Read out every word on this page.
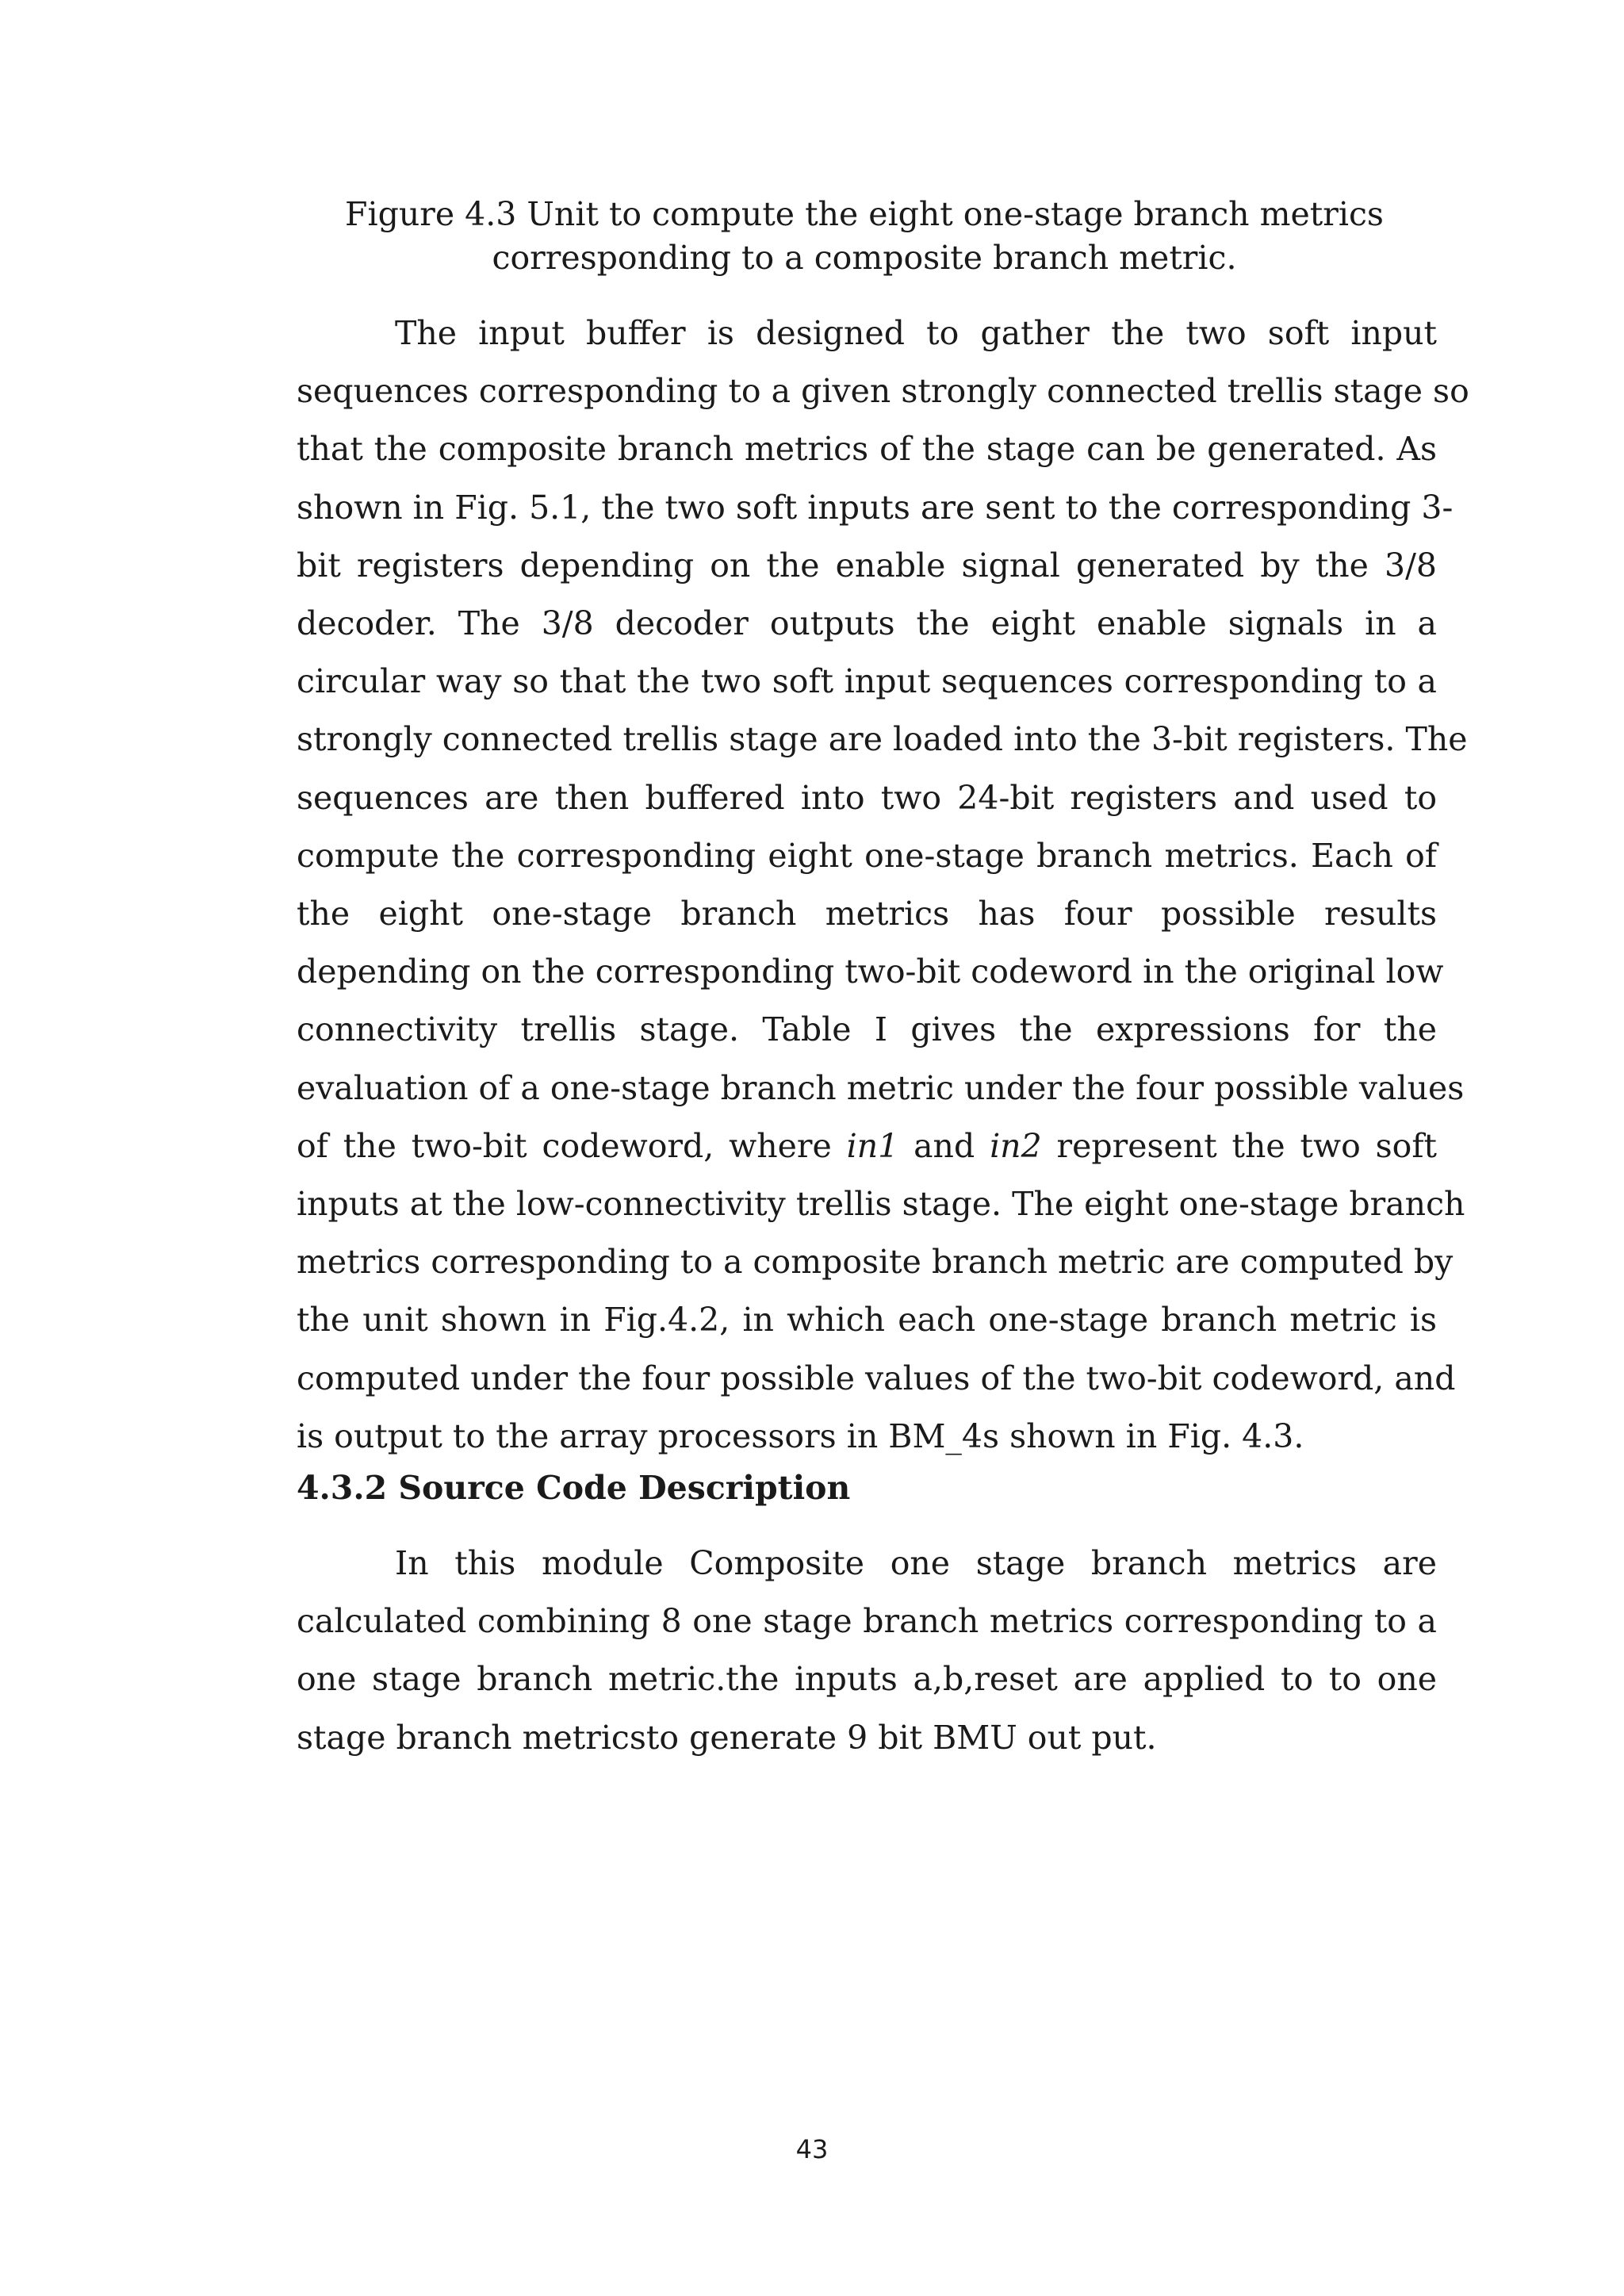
Figure 4.3 Unit to compute the eight one-stage branch metrics
corresponding to a composite branch metric.
The input buffer is designed to gather the two soft input
sequences corresponding to a given strongly connected trellis stage so
that the composite branch metrics of the stage can be generated. As
shown in Fig. 5.1, the two soft inputs are sent to the corresponding 3-
bit registers depending on the enable signal generated by the 3/8
decoder. The 3/8 decoder outputs the eight enable signals in a
circular way so that the two soft input sequences corresponding to a
strongly connected trellis stage are loaded into the 3-bit registers. The
sequences are then buffered into two 24-bit registers and used to
compute the corresponding eight one-stage branch metrics. Each of
the eight one-stage branch metrics has four possible results
depending on the corresponding two-bit codeword in the original low
connectivity trellis stage. Table I gives the expressions for the
evaluation of a one-stage branch metric under the four possible values
of the two-bit codeword, where in1 and in2 represent the two soft
inputs at the low-connectivity trellis stage. The eight one-stage branch
metrics corresponding to a composite branch metric are computed by
the unit shown in Fig.4.2, in which each one-stage branch metric is
computed under the four possible values of the two-bit codeword, and
is output to the array processors in BM_4s shown in Fig. 4.3.
4.3.2 Source Code Description
In this module Composite one stage branch metrics are
calculated combining 8 one stage branch metrics corresponding to a
one stage branch metric.the inputs a,b,reset are applied to to one
stage branch metricsto generate 9 bit BMU out put.
43
